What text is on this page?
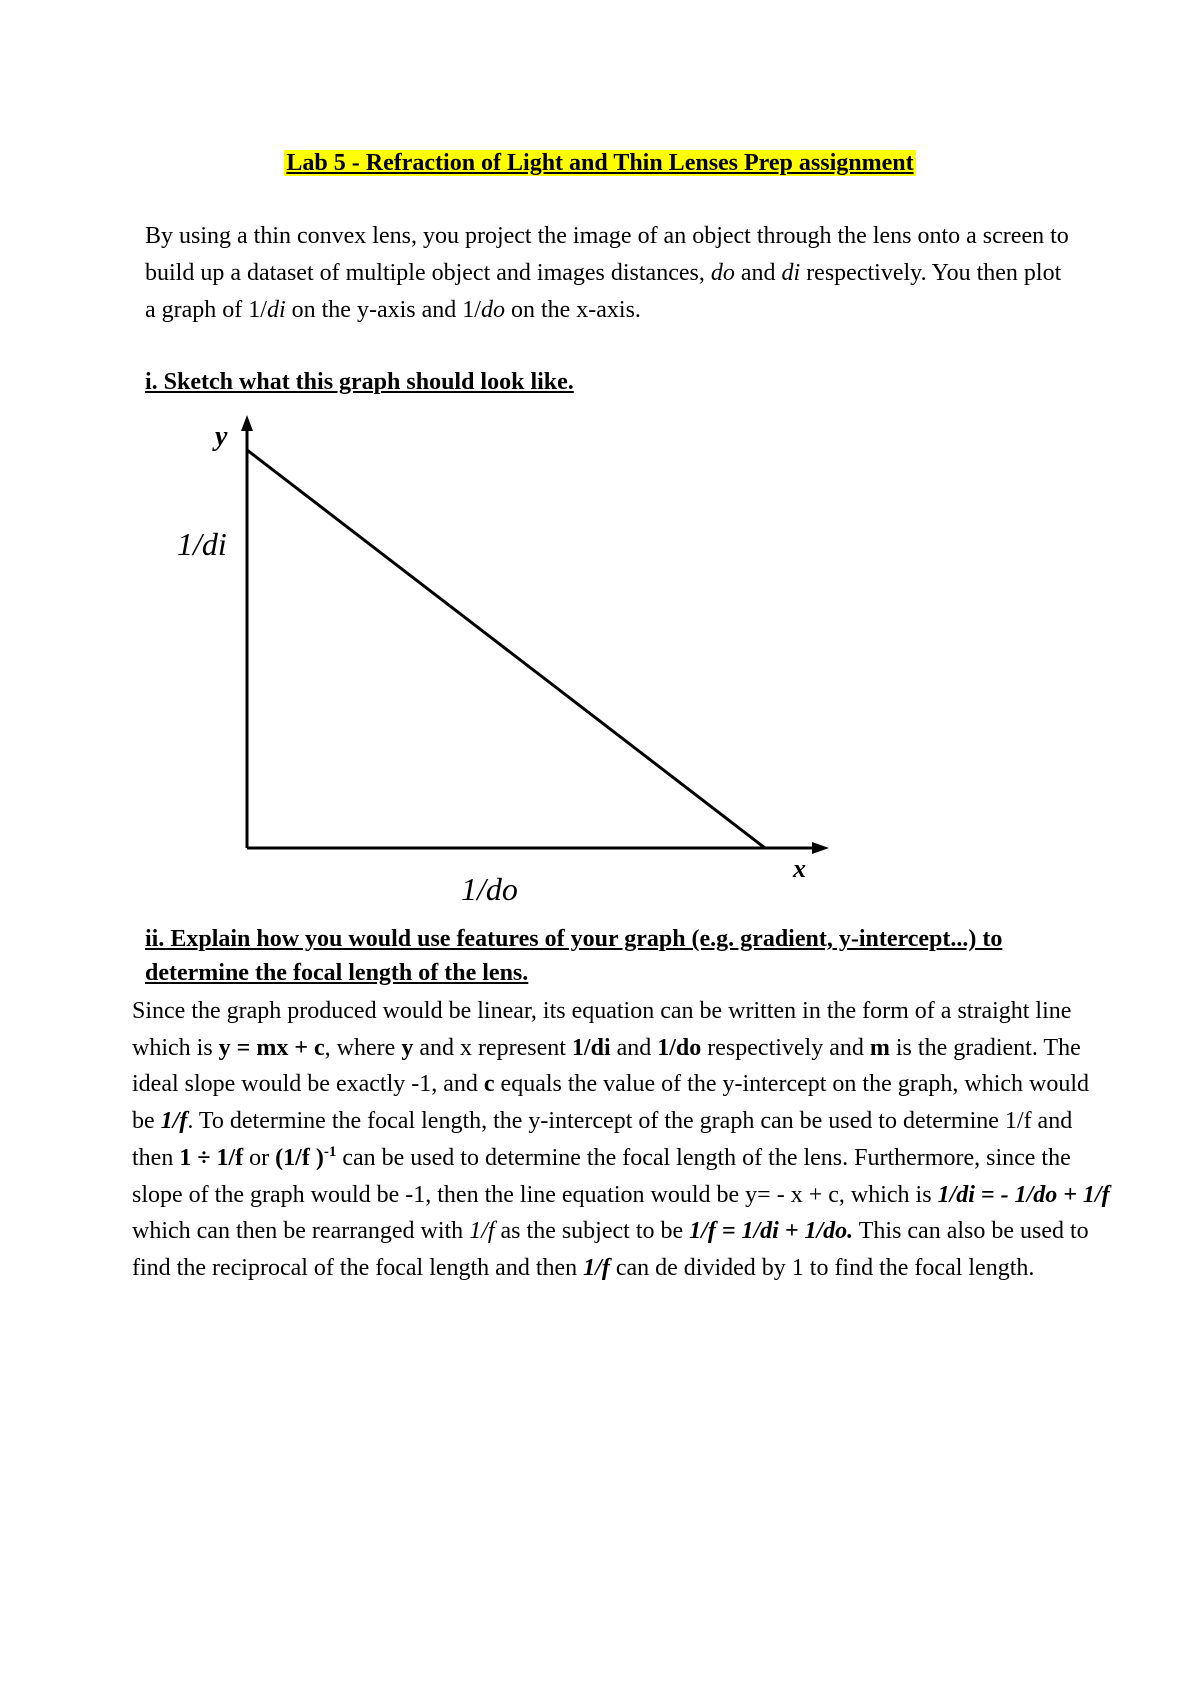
Lab 5 - Refraction of Light and Thin Lenses Prep assignment
By using a thin convex lens, you project the image of an object through the lens onto a screen to build up a dataset of multiple object and images distances, do and di respectively. You then plot a graph of 1/di on the y-axis and 1/do on the x-axis.
i. Sketch what this graph should look like.
y
1/di
1/do
x
ii. Explain how you would use features of your graph (e.g. gradient, y-intercept...) to determine the focal length of the lens.
Since the graph produced would be linear, its equation can be written in the form of a straight line which is y = mx + c, where y and x represent 1/di and 1/do respectively and m is the gradient. The ideal slope would be exactly -1, and c equals the value of the y-intercept on the graph, which would be 1/f. To determine the focal length, the y-intercept of the graph can be used to determine 1/f and then 1 ÷ 1/f or (1/f )$^{-1}$ can be used to determine the focal length of the lens. Furthermore, since the slope of the graph would be -1, then the line equation would be y= - x + c, which is 1/di = - 1/do + 1/f which can then be rearranged with 1/f as the subject to be 1/f = 1/di + 1/do. This can also be used to find the reciprocal of the focal length and then 1/f can de divided by 1 to find the focal length.
